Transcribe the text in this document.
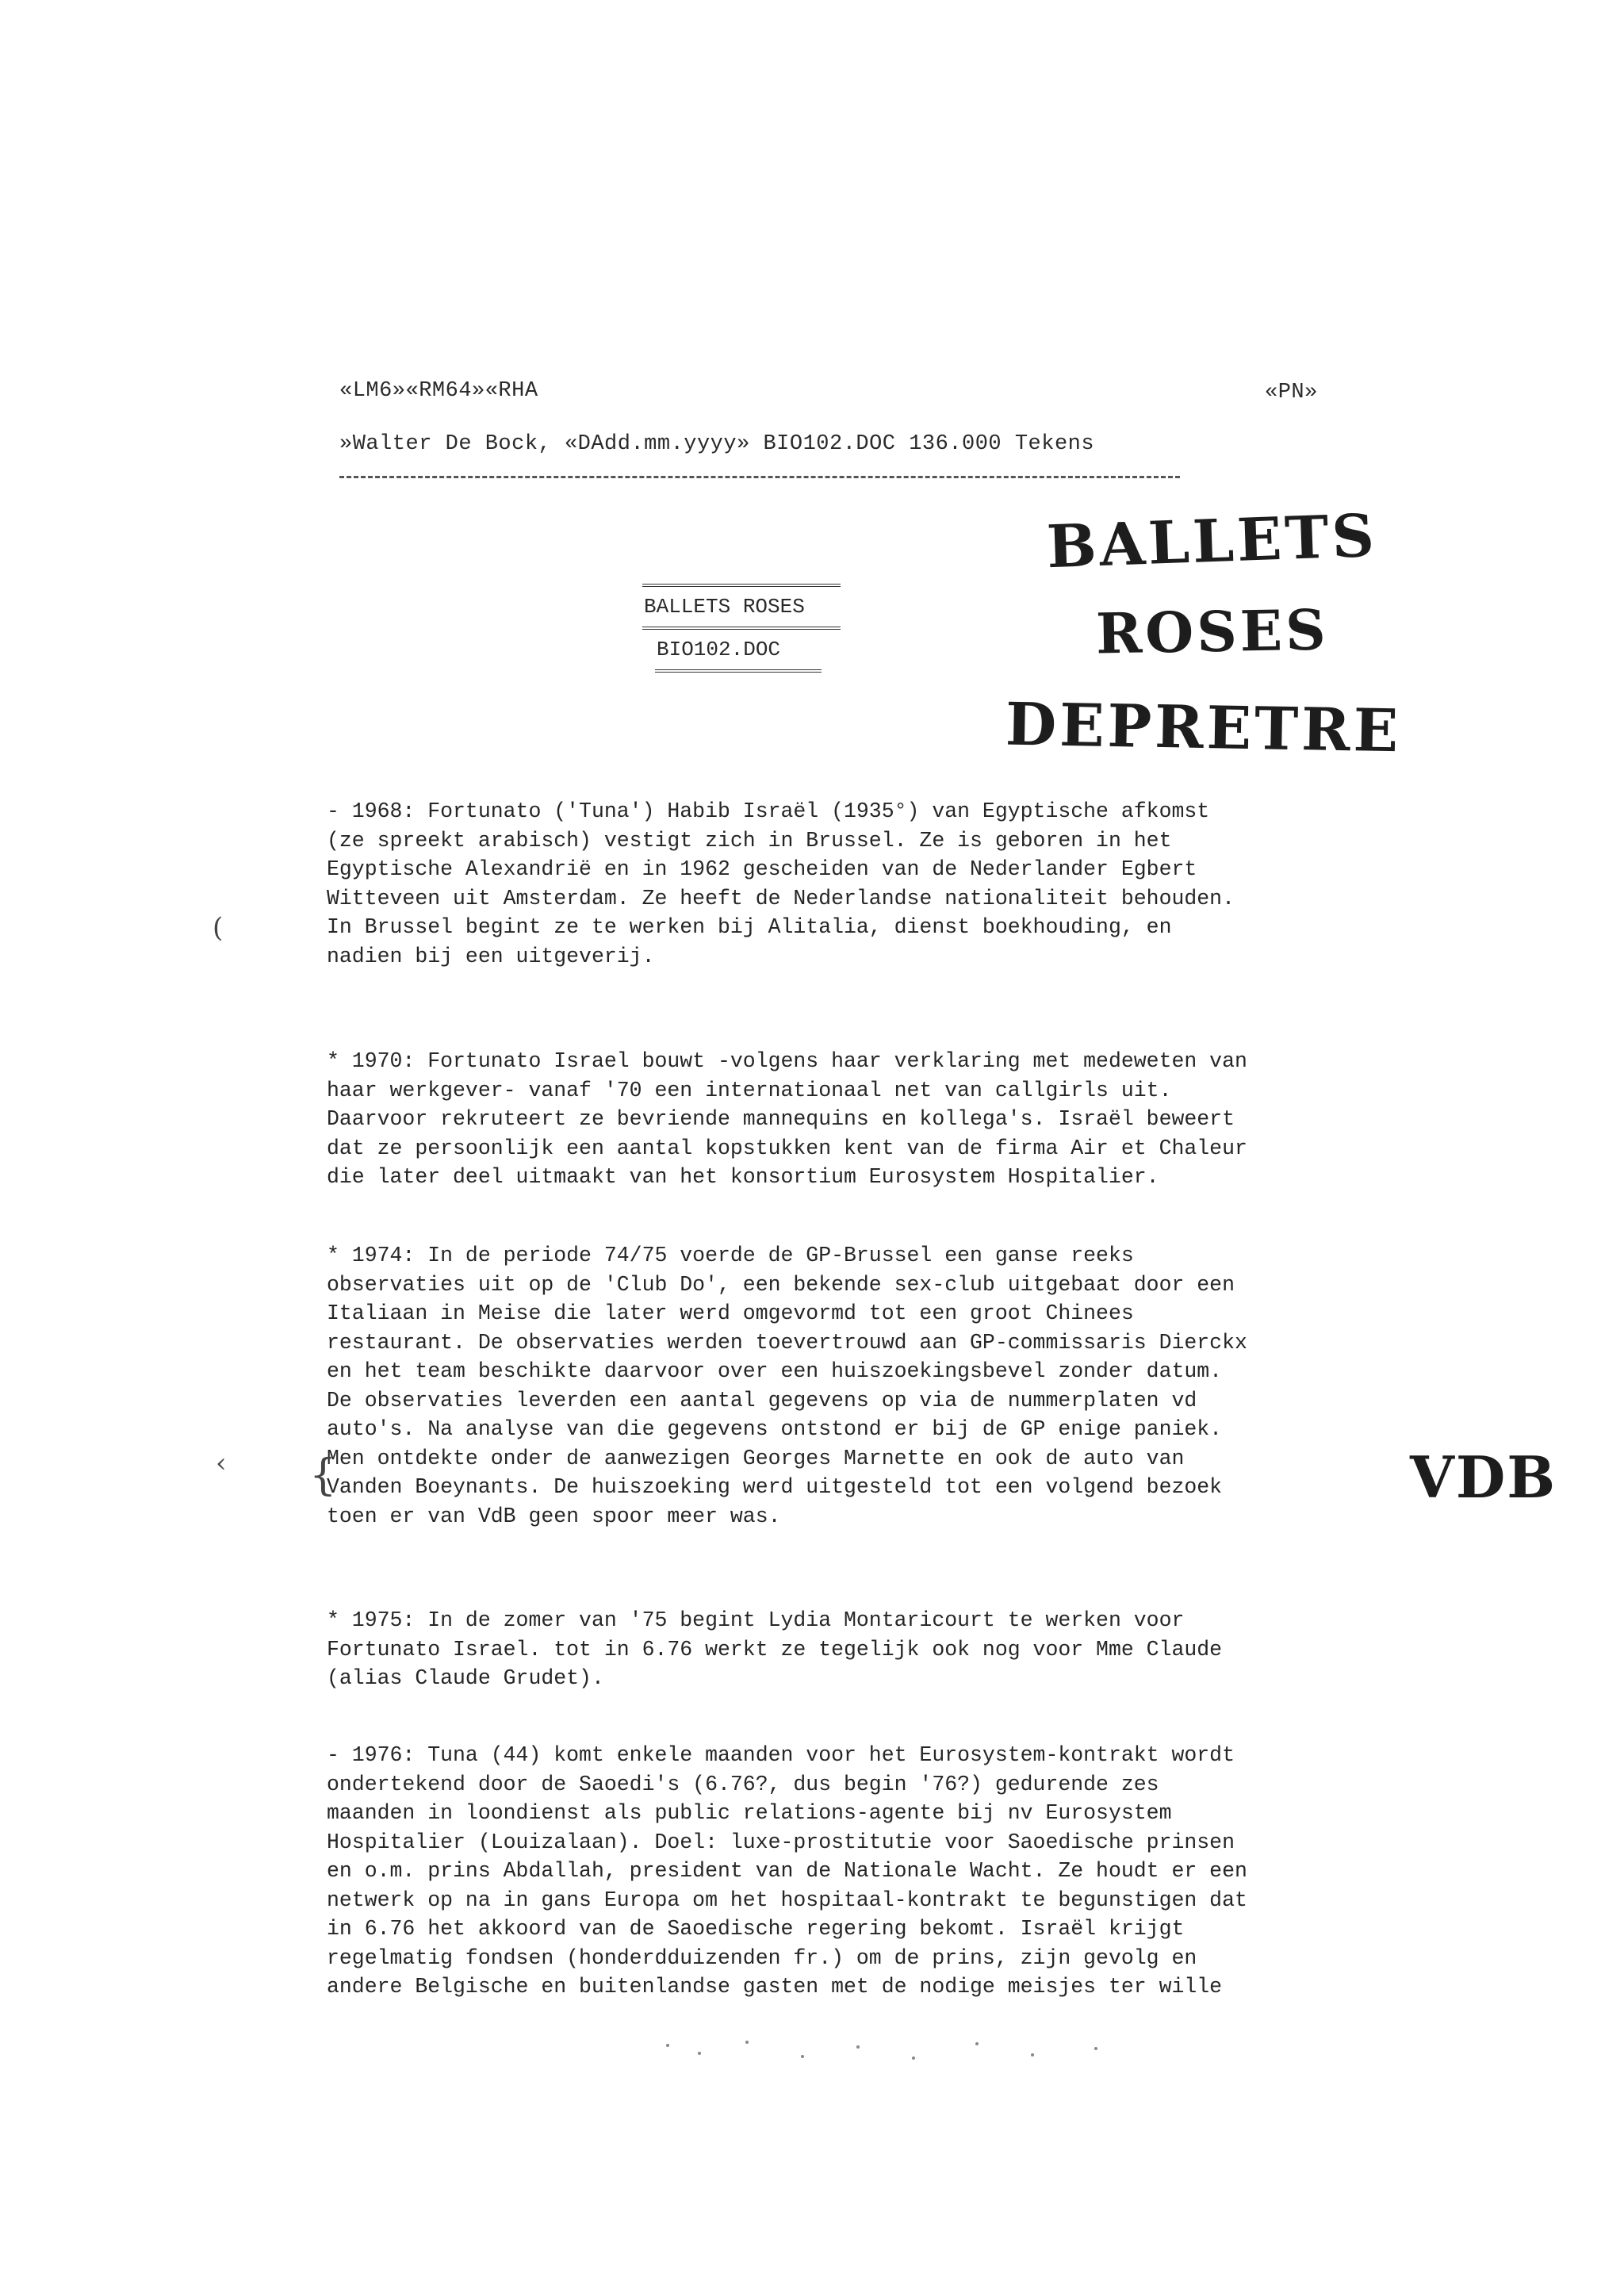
«LM6»«RM64»«RHA	«PN»
»Walter De Bock, «DAdd.mm.yyyy» BIO102.DOC 136.000 Tekens
BALLETS ROSES
BIO102.DOC
BALLETS
ROSES
DEPRETRE
- 1968: Fortunato ('Tuna') Habib Israël (1935°) van Egyptische afkomst
(ze spreekt arabisch) vestigt zich in Brussel. Ze is geboren in het
Egyptische Alexandrië en in 1962 gescheiden van de Nederlander Egbert
Witteveen uit Amsterdam. Ze heeft de Nederlandse nationaliteit behouden.
In Brussel begint ze te werken bij Alitalia, dienst boekhouding, en
nadien bij een uitgeverij.
* 1970: Fortunato Israel bouwt -volgens haar verklaring met medeweten van
haar werkgever- vanaf '70 een internationaal net van callgirls uit.
Daarvoor rekruteert ze bevriende mannequins en kollega's. Israël beweert
dat ze persoonlijk een aantal kopstukken kent van de firma Air et Chaleur
die later deel uitmaakt van het konsortium Eurosystem Hospitalier.
* 1974: In de periode 74/75 voerde de GP-Brussel een ganse reeks
observaties uit op de 'Club Do', een bekende sex-club uitgebaat door een
Italiaan in Meise die later werd omgevormd tot een groot Chinees
restaurant. De observaties werden toevertrouwd aan GP-commissaris Dierckx
en het team beschikte daarvoor over een huiszoekingsbevel zonder datum.
De observaties leverden een aantal gegevens op via de nummerplaten vd
auto's. Na analyse van die gegevens ontstond er bij de GP enige paniek.
Men ontdekte onder de aanwezigen Georges Marnette en ook de auto van
Vanden Boeynants. De huiszoeking werd uitgesteld tot een volgend bezoek
toen er van VdB geen spoor meer was.
* 1975: In de zomer van '75 begint Lydia Montaricourt te werken voor
Fortunato Israel. tot in 6.76 werkt ze tegelijk ook nog voor Mme Claude
(alias Claude Grudet).
- 1976: Tuna (44) komt enkele maanden voor het Eurosystem-kontrakt wordt
ondertekend door de Saoedi's (6.76?, dus begin '76?) gedurende zes
maanden in loondienst als public relations-agente bij nv Eurosystem
Hospitalier (Louizalaan). Doel: luxe-prostitutie voor Saoedische prinsen
en o.m. prins Abdallah, president van de Nationale Wacht. Ze houdt er een
netwerk op na in gans Europa om het hospitaal-kontrakt te begunstigen dat
in 6.76 het akkoord van de Saoedische regering bekomt. Israël krijgt
regelmatig fondsen (honderdduizenden fr.) om de prins, zijn gevolg en
andere Belgische en buitenlandse gasten met de nodige meisjes ter wille
VDB
(
‹ {
